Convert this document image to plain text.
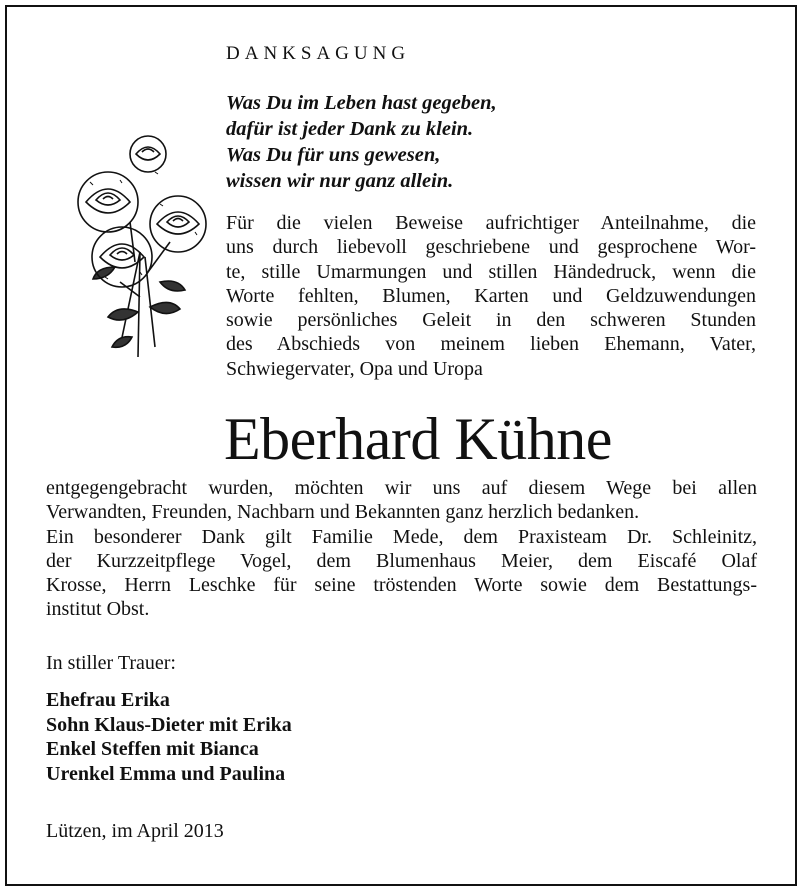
DANKSAGUNG
Was Du im Leben hast gegeben,
dafür ist jeder Dank zu klein.
Was Du für uns gewesen,
wissen wir nur ganz allein.
Für die vielen Beweise aufrichtiger Anteilnahme, die
uns durch liebevoll geschriebene und gesprochene Wor-
te, stille Umarmungen und stillen Händedruck, wenn die
Worte fehlten, Blumen, Karten und Geldzuwendungen
sowie persönliches Geleit in den schweren Stunden
des Abschieds von meinem lieben Ehemann, Vater,
Schwiegervater, Opa und Uropa
Eberhard Kühne
entgegengebracht wurden, möchten wir uns auf diesem Wege bei allen
Verwandten, Freunden, Nachbarn und Bekannten ganz herzlich bedanken.
Ein besonderer Dank gilt Familie Mede, dem Praxisteam Dr. Schleinitz,
der Kurzzeitpflege Vogel, dem Blumenhaus Meier, dem Eiscafé Olaf
Krosse, Herrn Leschke für seine tröstenden Worte sowie dem Bestattungs-
institut Obst.
In stiller Trauer:
Ehefrau Erika
Sohn Klaus-Dieter mit Erika
Enkel Steffen mit Bianca
Urenkel Emma und Paulina
Lützen, im April 2013
